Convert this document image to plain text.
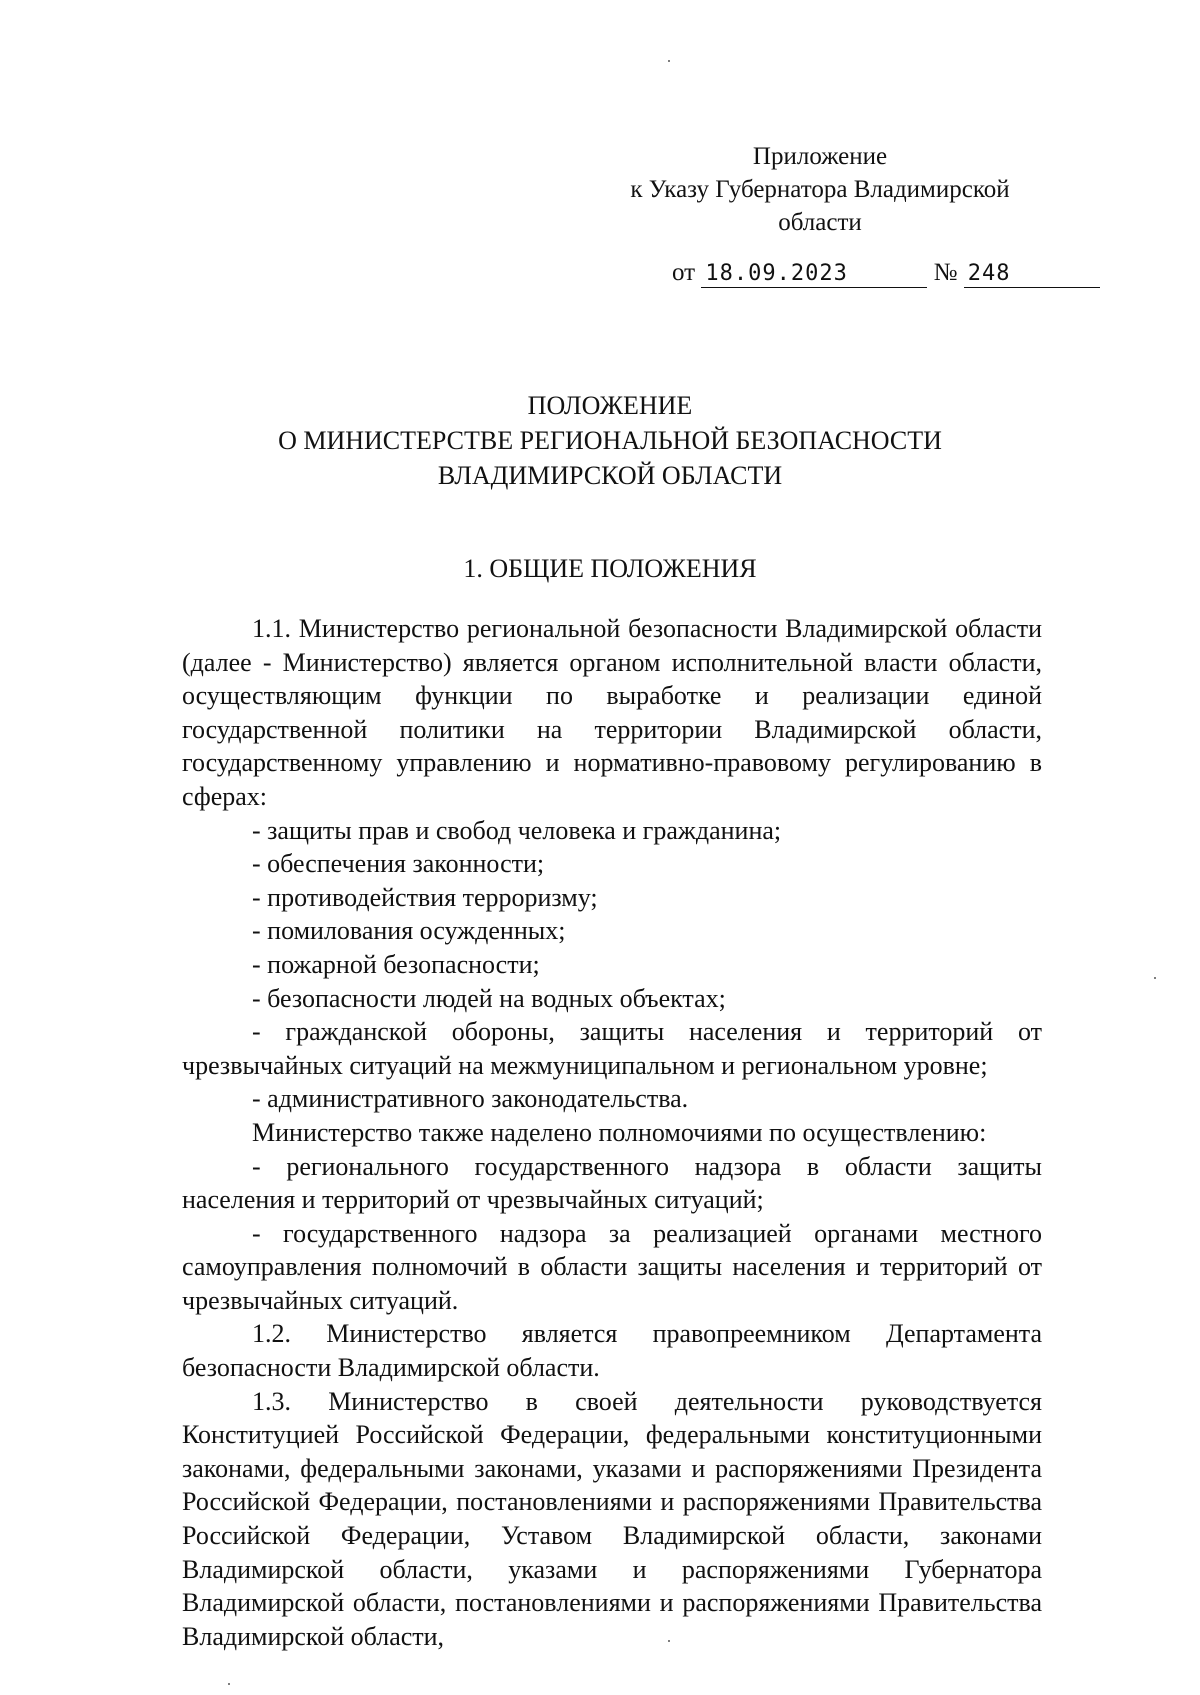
Приложение
к Указу Губернатора Владимирской
области
от 18.09.2023	№ 248
ПОЛОЖЕНИЕ
О МИНИСТЕРСТВЕ РЕГИОНАЛЬНОЙ БЕЗОПАСНОСТИ
ВЛАДИМИРСКОЙ ОБЛАСТИ
1. ОБЩИЕ ПОЛОЖЕНИЯ

1.1. Министерство региональной безопасности Владимирской области (далее - Министерство) является органом исполнительной власти области, осуществляющим функции по выработке и реализации единой государственной политики на территории Владимирской области, государственному управлению и нормативно-правовому регулированию в сферах:

- защиты прав и свобод человека и гражданина;

- обеспечения законности;

- противодействия терроризму;

- помилования осужденных;

- пожарной безопасности;

- безопасности людей на водных объектах;

- гражданской обороны, защиты населения и территорий от чрезвычайных ситуаций на межмуниципальном и региональном уровне;

- административного законодательства.

Министерство также наделено полномочиями по осуществлению:

- регионального государственного надзора в области защиты населения и территорий от чрезвычайных ситуаций;

- государственного надзора за реализацией органами местного самоуправления полномочий в области защиты населения и территорий от чрезвычайных ситуаций.

1.2. Министерство является правопреемником Департамента безопасности Владимирской области.

1.3. Министерство в своей деятельности руководствуется Конституцией Российской Федерации, федеральными конституционными законами, федеральными законами, указами и распоряжениями Президента Российской Федерации, постановлениями и распоряжениями Правительства Российской Федерации, Уставом Владимирской области, законами Владимирской области, указами и распоряжениями Губернатора Владимирской области, постановлениями и распоряжениями Правительства Владимирской области,
